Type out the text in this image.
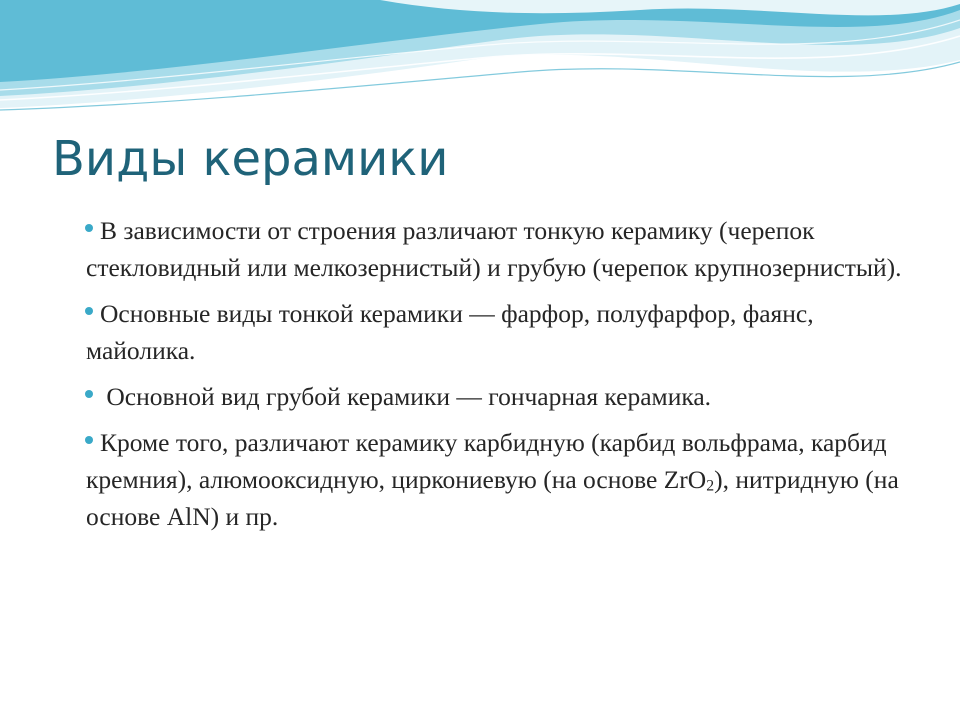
Виды керамики
В зависимости от строения различают тонкую керамику (черепок стекловидный или мелкозернистый) и грубую (черепок крупнозернистый).
Основные виды тонкой керамики — фарфор, полуфарфор, фаянс, майолика.
Основной вид грубой керамики — гончарная керамика.
Кроме того, различают керамику карбидную (карбид вольфрама, карбид кремния), алюмооксидную, циркониевую (на основе ZrO2), нитридную (на основе AlN) и пр.
